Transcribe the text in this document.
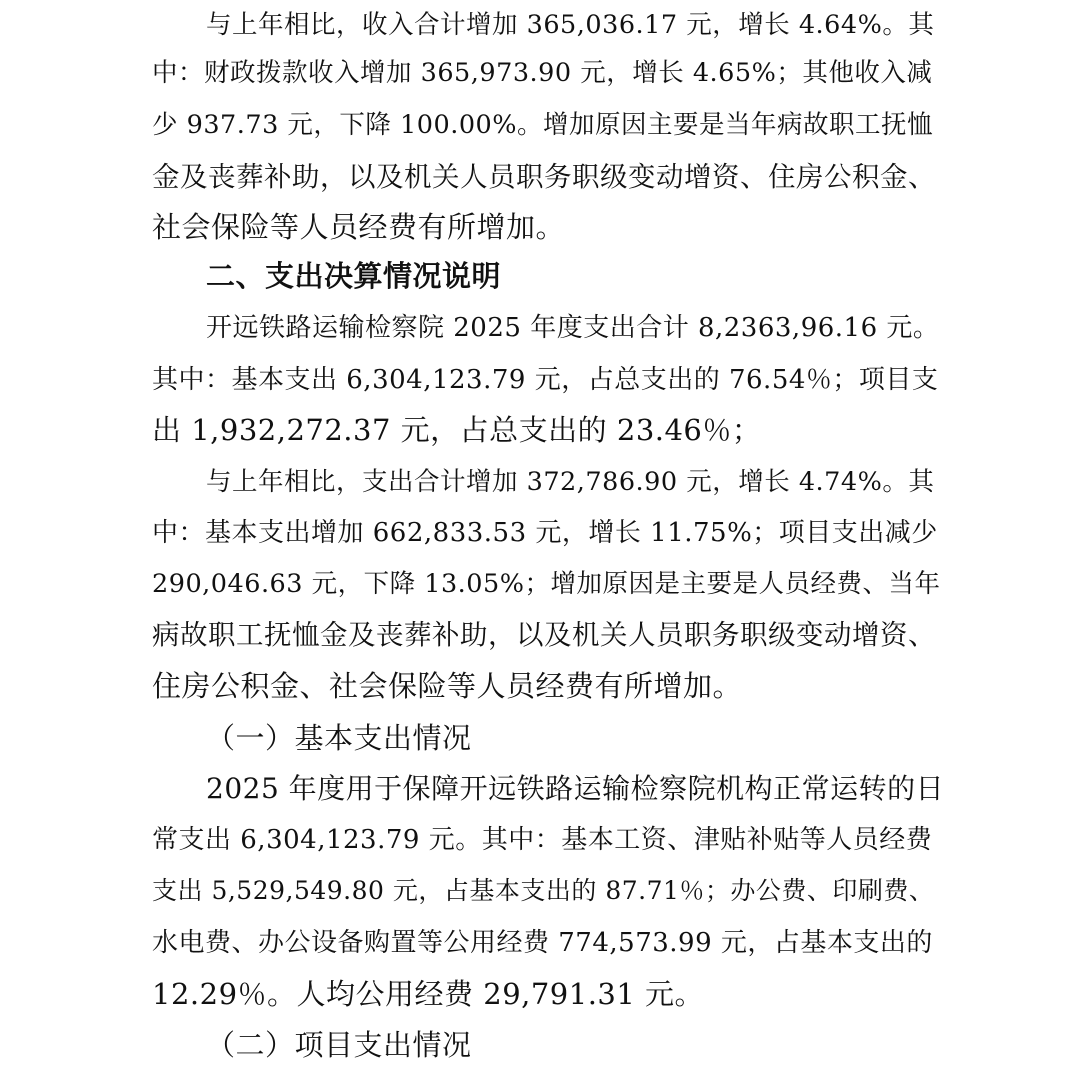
与上年相比，收入合计增加 365,036.17 元，增长 4.64%。其
中：财政拨款收入增加 365,973.90 元，增长 4.65%；其他收入减
少 937.73 元，下降 100.00%。增加原因主要是当年病故职工抚恤
金及丧葬补助，以及机关人员职务职级变动增资、住房公积金、
社会保险等人员经费有所增加。
二、支出决算情况说明
开远铁路运输检察院 2025 年度支出合计 8,2363,96.16 元。
其中：基本支出 6,304,123.79 元，占总支出的 76.54％；项目支
出 1,932,272.37 元，占总支出的 23.46％；
与上年相比，支出合计增加 372,786.90 元，增长 4.74%。其
中：基本支出增加 662,833.53 元，增长 11.75%；项目支出减少
290,046.63 元，下降 13.05%；增加原因是主要是人员经费、当年
病故职工抚恤金及丧葬补助，以及机关人员职务职级变动增资、
住房公积金、社会保险等人员经费有所增加。
（一）基本支出情况
2025 年度用于保障开远铁路运输检察院机构正常运转的日
常支出 6,304,123.79 元。其中：基本工资、津贴补贴等人员经费
支出 5,529,549.80 元，占基本支出的 87.71％；办公费、印刷费、
水电费、办公设备购置等公用经费 774,573.99 元，占基本支出的
12.29％。人均公用经费 29,791.31 元。
（二）项目支出情况
